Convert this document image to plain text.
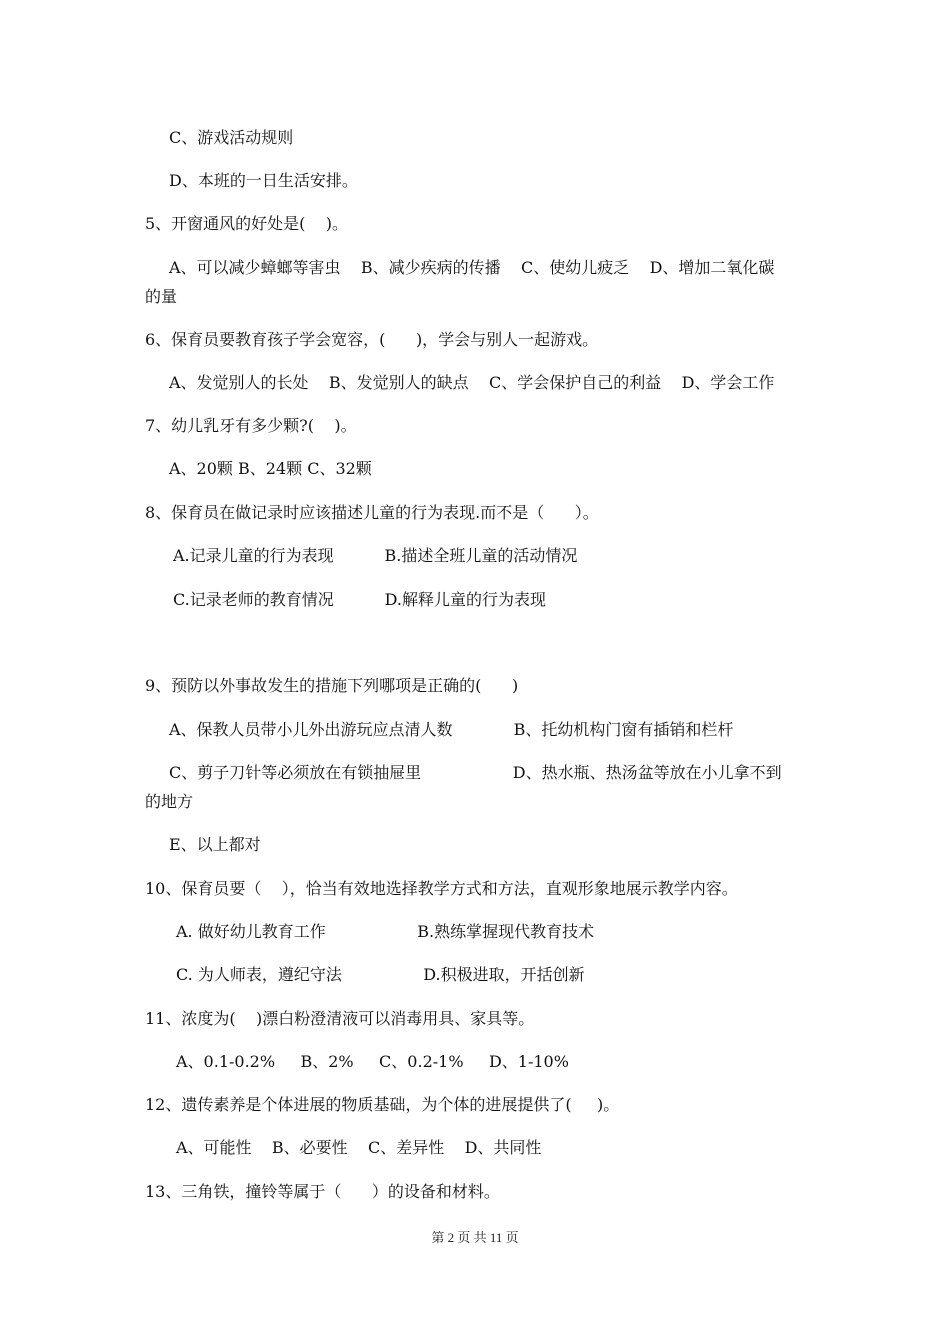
C、游戏活动规则
D、本班的一日生活安排。
5、开窗通风的好处是(    )。
A、可以减少蟑螂等害虫    B、减少疾病的传播    C、使幼儿疲乏    D、增加二氧化碳
的量
6、保育员要教育孩子学会宽容，(      )，学会与别人一起游戏。
A、发觉别人的长处    B、发觉别人的缺点    C、学会保护自己的利益    D、学会工作
7、幼儿乳牙有多少颗?(    )。
A、20颗 B、24颗 C、32颗
8、保育员在做记录时应该描述儿童的行为表现.而不是（      ）。
A.记录儿童的行为表现          B.描述全班儿童的活动情况
C.记录老师的教育情况          D.解释儿童的行为表现
9、预防以外事故发生的措施下列哪项是正确的(      )
A、保教人员带小儿外出游玩应点清人数            B、托幼机构门窗有插销和栏杆
C、剪子刀针等必须放在有锁抽屉里                  D、热水瓶、热汤盆等放在小儿拿不到
的地方
E、以上都对
10、保育员要（    ），恰当有效地选择教学方式和方法，直观形象地展示教学内容。
A. 做好幼儿教育工作                  B.熟练掌握现代教育技术
C. 为人师表，遵纪守法                D.积极进取，开括创新
11、浓度为(    )漂白粉澄清液可以消毒用具、家具等。
A、0.1-0.2%     B、2%     C、0.2-1%     D、1-10%
12、遗传素养是个体进展的物质基础，为个体的进展提供了(     )。
A、可能性    B、必要性    C、差异性    D、共同性
13、三角铁，撞铃等属于（      ）的设备和材料。
第 2 页 共 11 页
